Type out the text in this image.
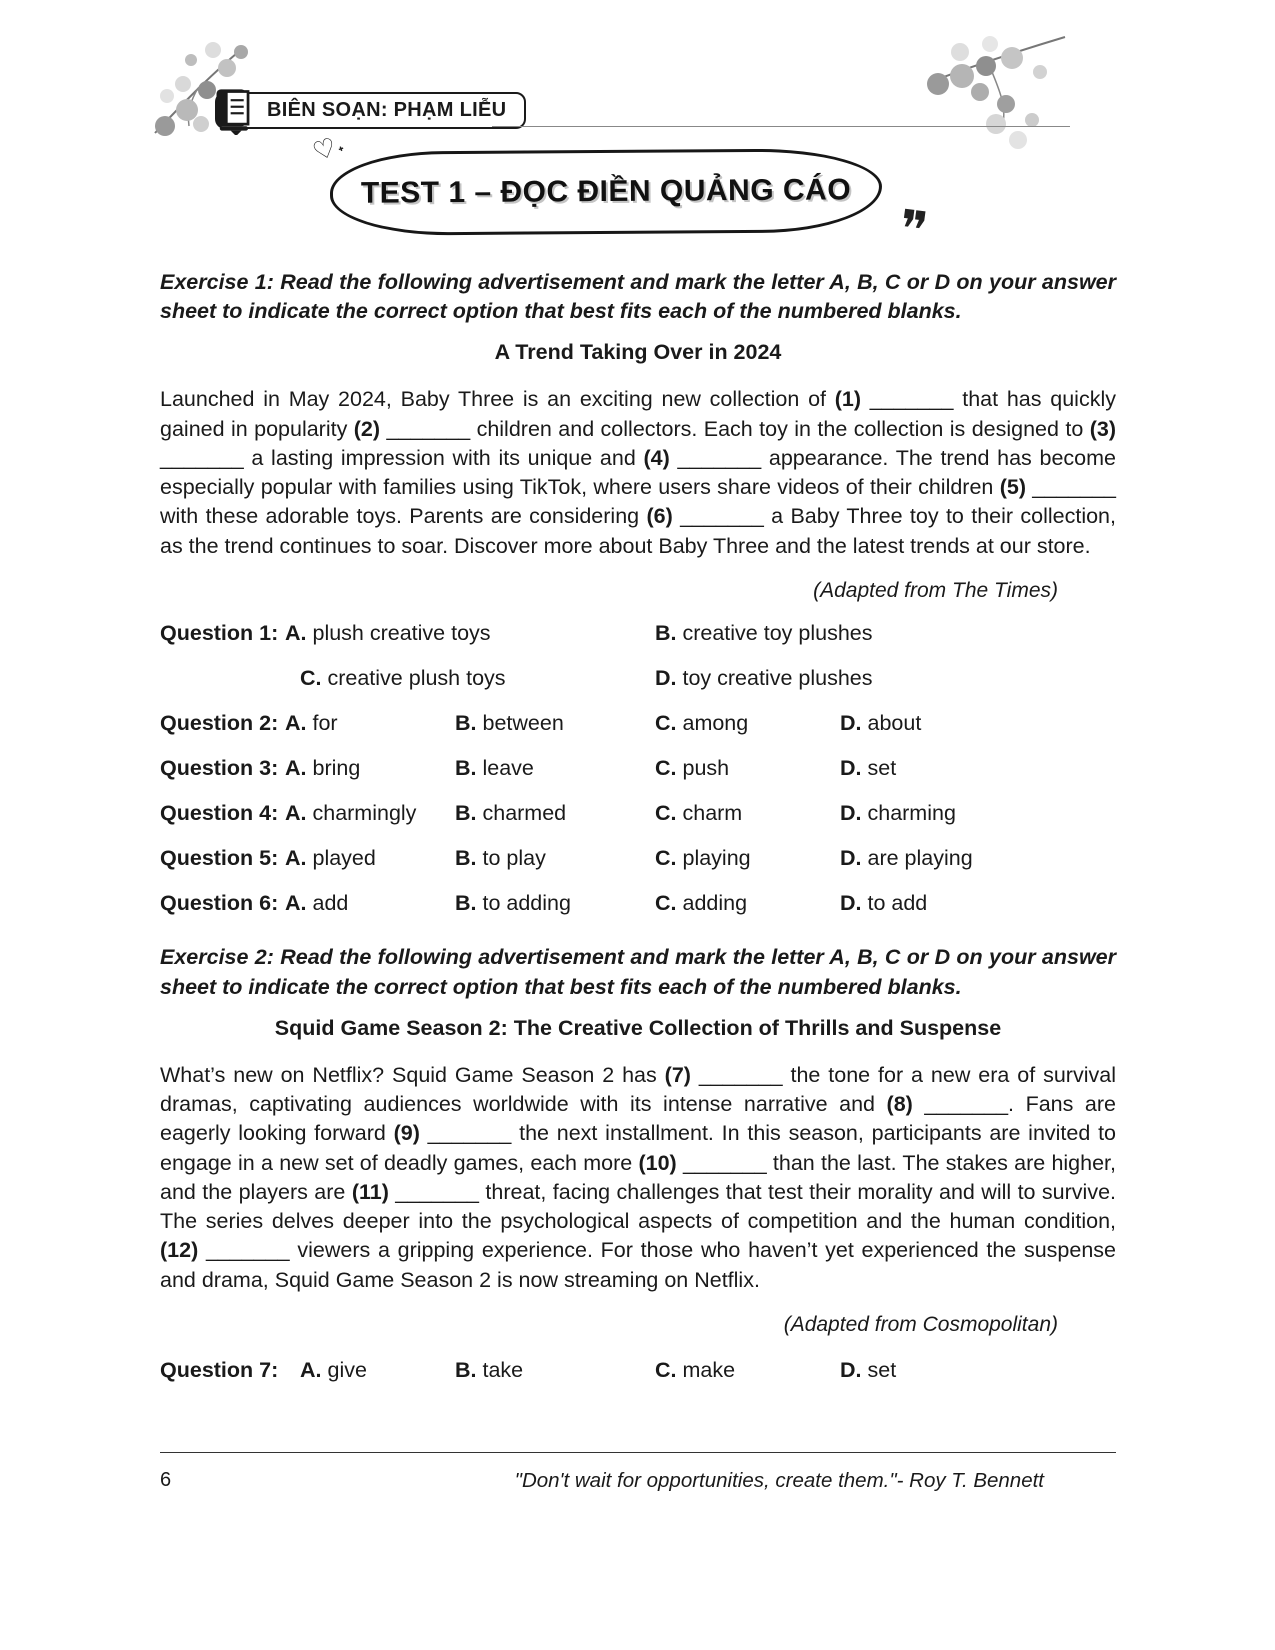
BIÊN SOẠN: PHẠM LIỄU
♡˖
TEST 1 – ĐỌC ĐIỀN QUẢNG CÁO
❞

Exercise 1: Read the following advertisement and mark the letter A, B, C or D on your answer sheet to indicate the correct option that best fits each of the numbered blanks.

A Trend Taking Over in 2024

Launched in May 2024, Baby Three is an exciting new collection of (1) _______ that has quickly gained in popularity (2) _______ children and collectors. Each toy in the collection is designed to (3) _______ a lasting impression with its unique and (4) _______ appearance. The trend has become especially popular with families using TikTok, where users share videos of their children (5) _______ with these adorable toys. Parents are considering (6) _______ a Baby Three toy to their collection, as the trend continues to soar. Discover more about Baby Three and the latest trends at our store.

(Adapted from The Times)
Question 1: A. plush creative toys	B. creative toy plushes
C. creative plush toys	D. toy creative plushes
Question 2: A. for	B. between	C. among	D. about
Question 3: A. bring	B. leave	C. push	D. set
Question 4: A. charmingly	B. charmed	C. charm	D. charming
Question 5: A. played	B. to play	C. playing	D. are playing
Question 6: A. add	B. to adding	C. adding	D. to add

Exercise 2: Read the following advertisement and mark the letter A, B, C or D on your answer sheet to indicate the correct option that best fits each of the numbered blanks.

Squid Game Season 2: The Creative Collection of Thrills and Suspense

What’s new on Netflix? Squid Game Season 2 has (7) _______ the tone for a new era of survival dramas, captivating audiences worldwide with its intense narrative and (8) _______. Fans are eagerly looking forward (9) _______ the next installment. In this season, participants are invited to engage in a new set of deadly games, each more (10) _______ than the last. The stakes are higher, and the players are (11) _______ threat, facing challenges that test their morality and will to survive. The series delves deeper into the psychological aspects of competition and the human condition, (12) _______ viewers a gripping experience. For those who haven’t yet experienced the suspense and drama, Squid Game Season 2 is now streaming on Netflix.

(Adapted from Cosmopolitan)
Question 7:	A. give	B. take	C. make	D. set
6	"Don't wait for opportunities, create them."- Roy T. Bennett
